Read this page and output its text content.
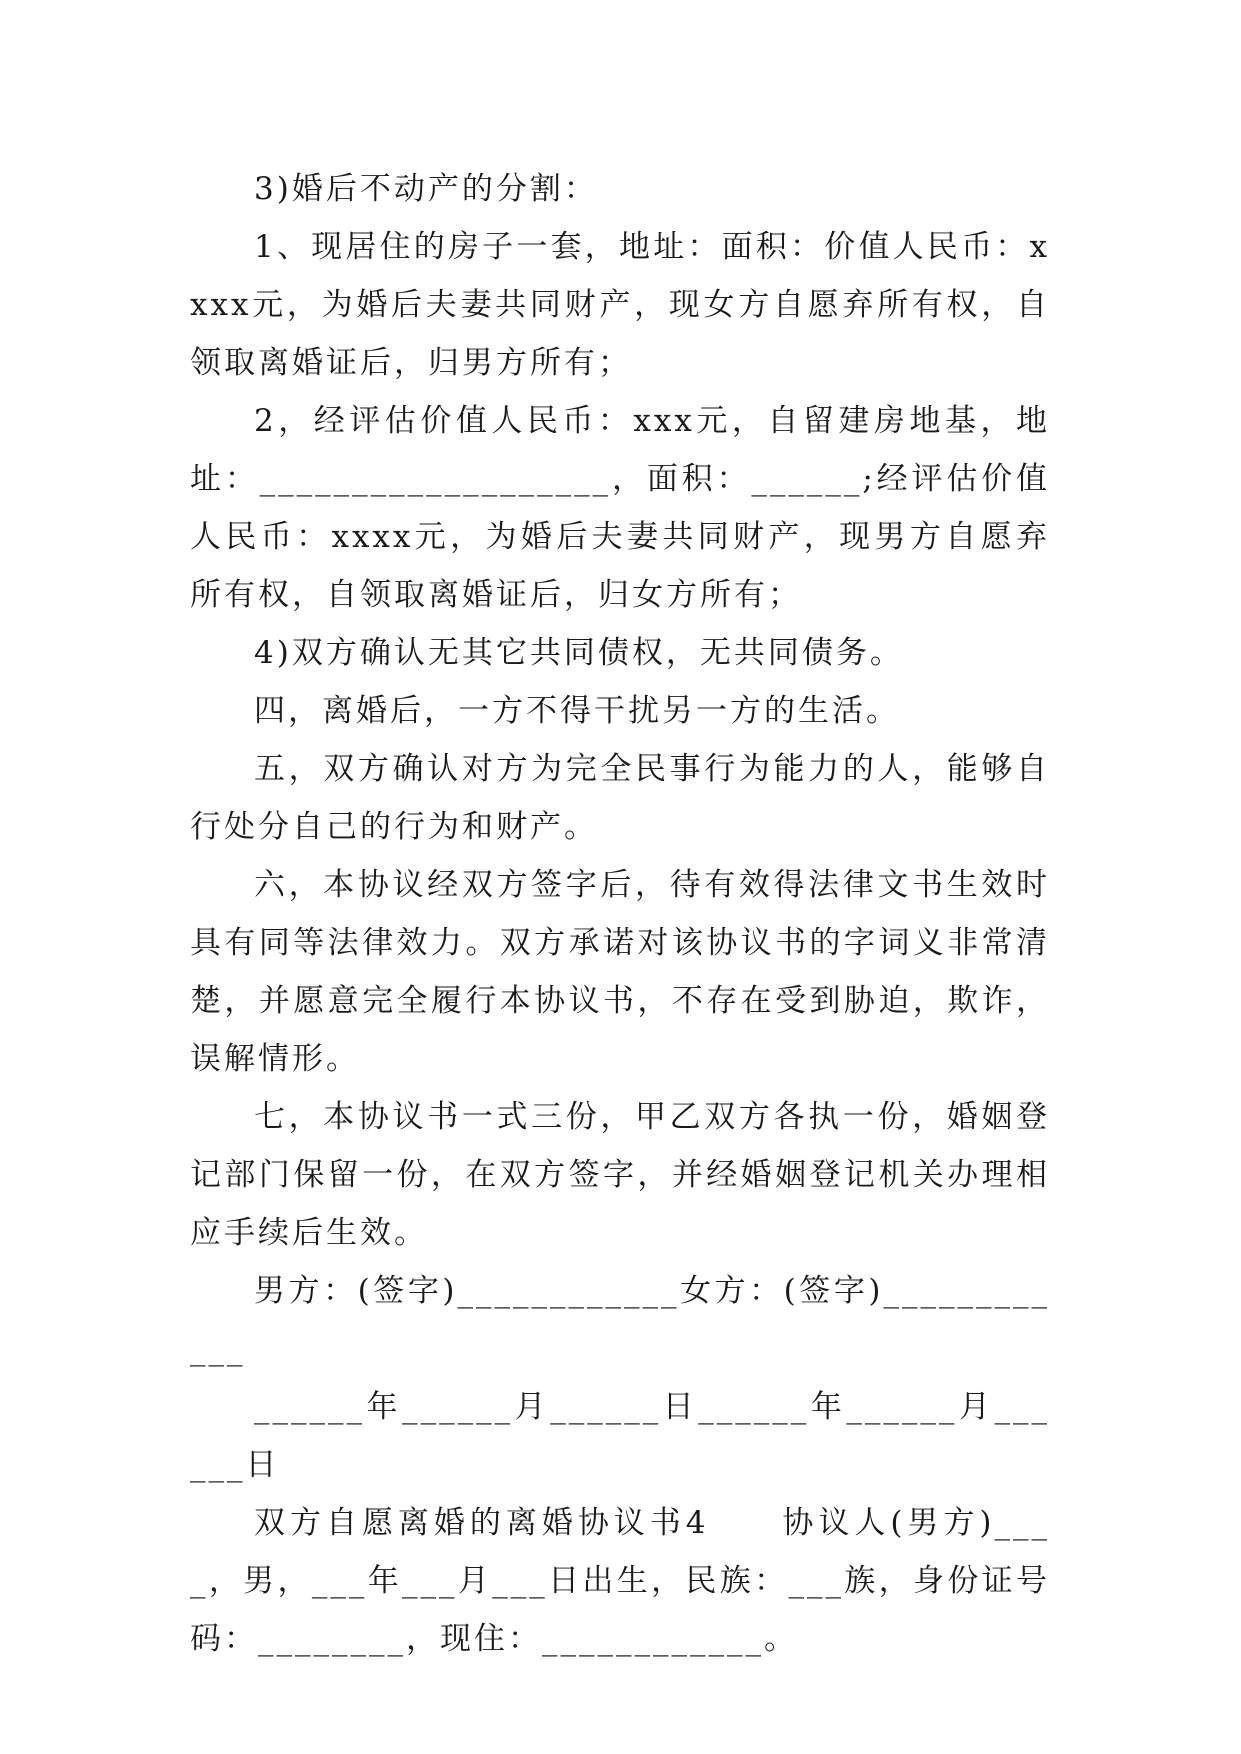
3)婚后不动产的分割：

1、现居住的房子一套，地址：面积：价值人民币：xxxx元，为婚后夫妻共同财产，现女方自愿弃所有权，自领取离婚证后，归男方所有；

2，经评估价值人民币：xxx元，自留建房地基，地址：___________________，面积：______;经评估价值人民币：xxxx元，为婚后夫妻共同财产，现男方自愿弃所有权，自领取离婚证后，归女方所有；

4)双方确认无其它共同债权，无共同债务。

四，离婚后，一方不得干扰另一方的生活。

五，双方确认对方为完全民事行为能力的人，能够自行处分自己的行为和财产。

六，本协议经双方签字后，待有效得法律文书生效时具有同等法律效力。双方承诺对该协议书的字词义非常清楚，并愿意完全履行本协议书，不存在受到胁迫，欺诈，误解情形。

七，本协议书一式三份，甲乙双方各执一份，婚姻登记部门保留一份，在双方签字，并经婚姻登记机关办理相应手续后生效。

男方：(签字)____________女方：(签字)____________

______年______月______日______年______月______日

双方自愿离婚的离婚协议书4　　协议人(男方)____，男，___年___月___日出生，民族：___族，身份证号码：________，现住：____________。
